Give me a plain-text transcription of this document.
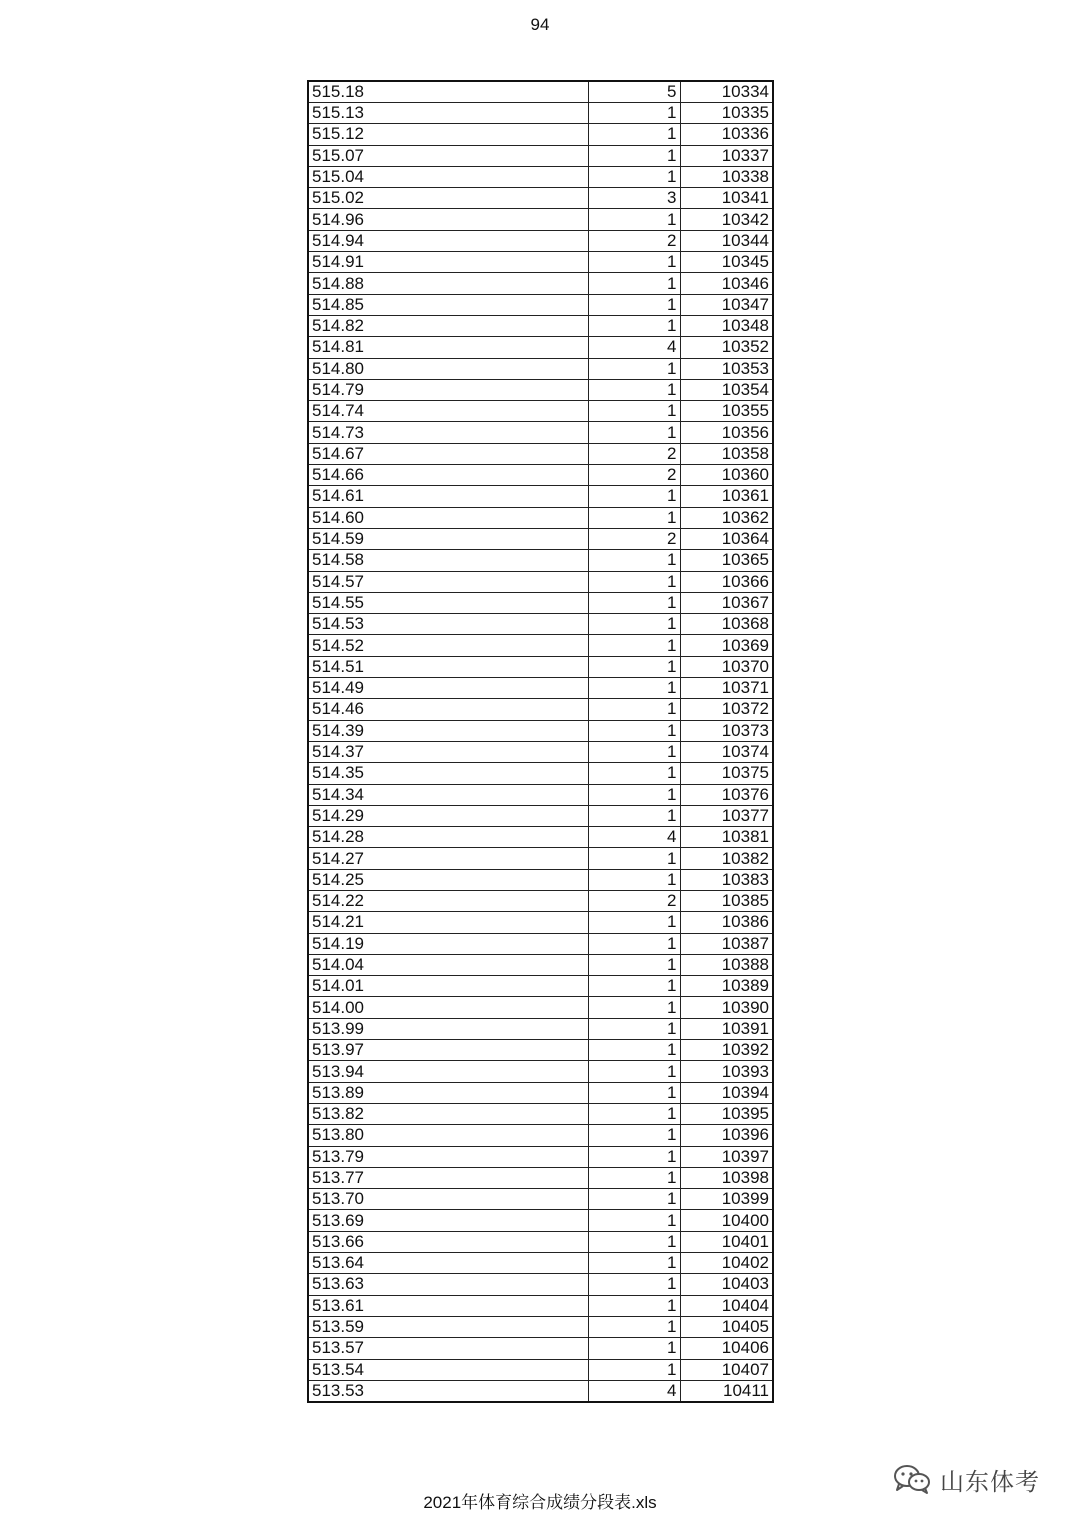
94
515.18	5	10334
515.13	1	10335
515.12	1	10336
515.07	1	10337
515.04	1	10338
515.02	3	10341
514.96	1	10342
514.94	2	10344
514.91	1	10345
514.88	1	10346
514.85	1	10347
514.82	1	10348
514.81	4	10352
514.80	1	10353
514.79	1	10354
514.74	1	10355
514.73	1	10356
514.67	2	10358
514.66	2	10360
514.61	1	10361
514.60	1	10362
514.59	2	10364
514.58	1	10365
514.57	1	10366
514.55	1	10367
514.53	1	10368
514.52	1	10369
514.51	1	10370
514.49	1	10371
514.46	1	10372
514.39	1	10373
514.37	1	10374
514.35	1	10375
514.34	1	10376
514.29	1	10377
514.28	4	10381
514.27	1	10382
514.25	1	10383
514.22	2	10385
514.21	1	10386
514.19	1	10387
514.04	1	10388
514.01	1	10389
514.00	1	10390
513.99	1	10391
513.97	1	10392
513.94	1	10393
513.89	1	10394
513.82	1	10395
513.80	1	10396
513.79	1	10397
513.77	1	10398
513.70	1	10399
513.69	1	10400
513.66	1	10401
513.64	1	10402
513.63	1	10403
513.61	1	10404
513.59	1	10405
513.57	1	10406
513.54	1	10407
513.53	4	10411
2021年体育综合成绩分段表.xls
山东体考
